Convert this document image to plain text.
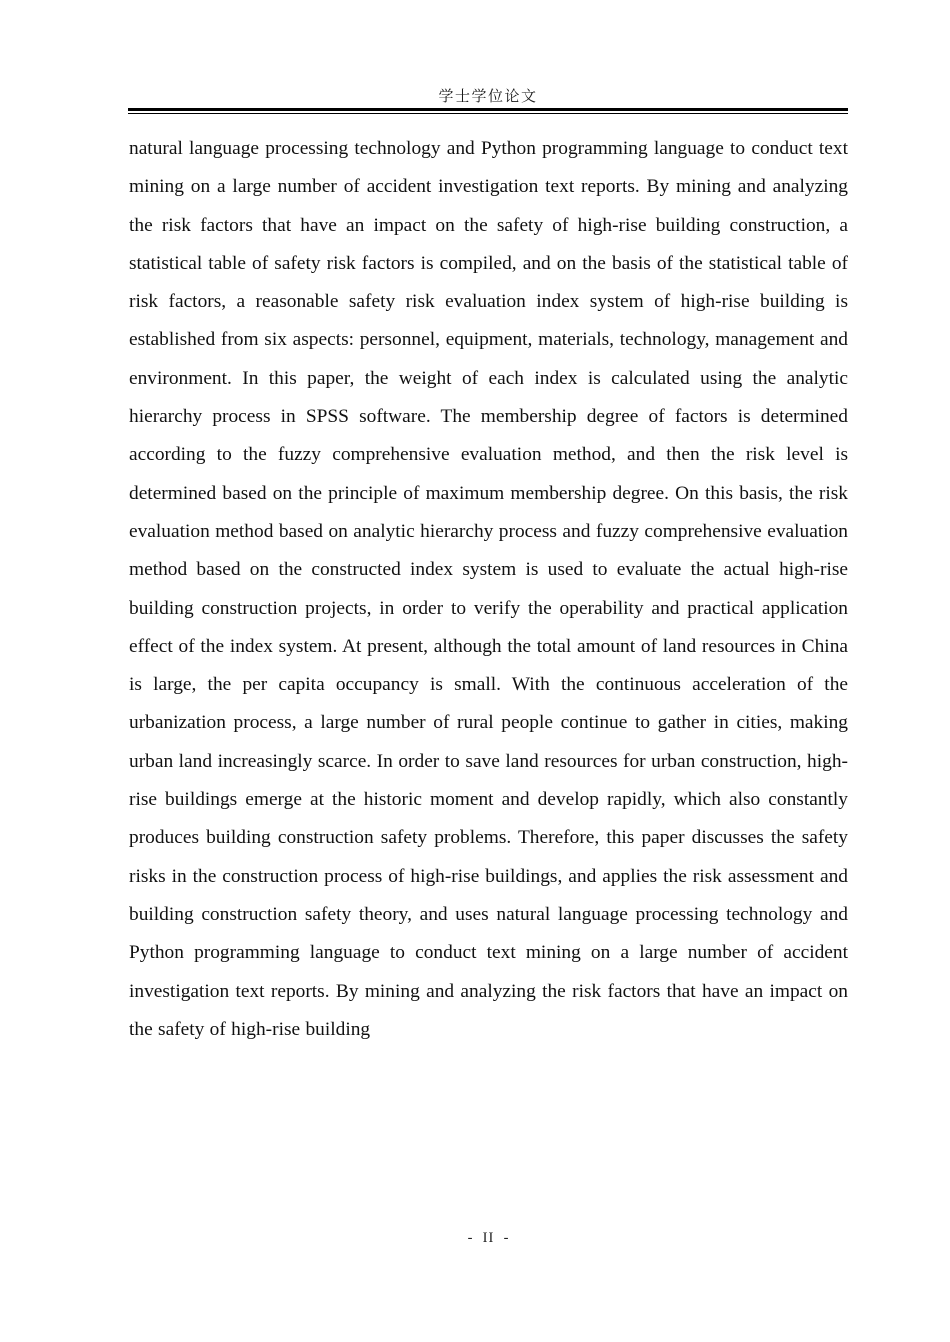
学士学位论文

natural language processing technology and Python programming language to conduct text mining on a large number of accident investigation text reports. By mining and analyzing the risk factors that have an impact on the safety of high-rise building construction, a statistical table of safety risk factors is compiled, and on the basis of the statistical table of risk factors, a reasonable safety risk evaluation index system of high-rise building is established from six aspects: personnel, equipment, materials, technology, management and environment. In this paper, the weight of each index is calculated using the analytic hierarchy process in SPSS software. The membership degree of factors is determined according to the fuzzy comprehensive evaluation method, and then the risk level is determined based on the principle of maximum membership degree. On this basis, the risk evaluation method based on analytic hierarchy process and fuzzy comprehensive evaluation method based on the constructed index system is used to evaluate the actual high-rise building construction projects, in order to verify the operability and practical application effect of the index system. At present, although the total amount of land resources in China is large, the per capita occupancy is small. With the continuous acceleration of the urbanization process, a large number of rural people continue to gather in cities, making urban land increasingly scarce. In order to save land resources for urban construction, high-rise buildings emerge at the historic moment and develop rapidly, which also constantly produces building construction safety problems. Therefore, this paper discusses the safety risks in the construction process of high-rise buildings, and applies the risk assessment and building construction safety theory, and uses natural language processing technology and Python programming language to conduct text mining on a large number of accident investigation text reports. By mining and analyzing the risk factors that have an impact on the safety of high-rise building

-  II  -
